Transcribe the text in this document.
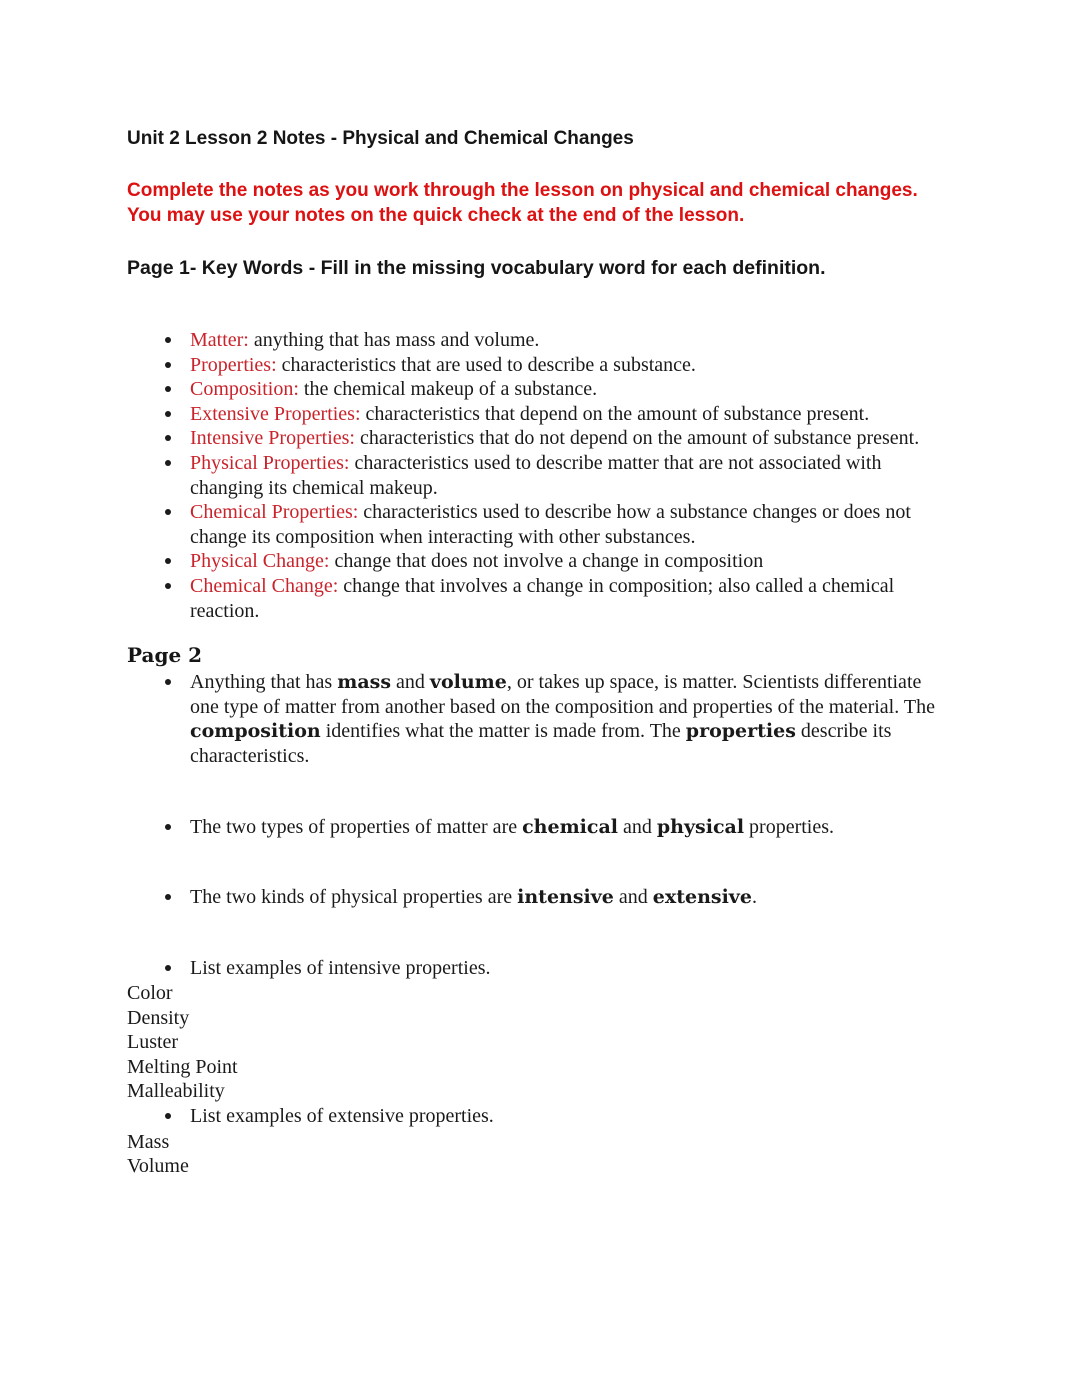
Unit 2 Lesson 2 Notes - Physical and Chemical Changes

Complete the notes as you work through the lesson on physical and chemical changes. You may use your notes on the quick check at the end of the lesson.

Page 1- Key Words - Fill in the missing vocabulary word for each definition.
Matter: anything that has mass and volume.
Properties: characteristics that are used to describe a substance.
Composition: the chemical makeup of a substance.
Extensive Properties: characteristics that depend on the amount of substance present.
Intensive Properties: characteristics that do not depend on the amount of substance present.
Physical Properties: characteristics used to describe matter that are not associated with changing its chemical makeup.
Chemical Properties: characteristics used to describe how a substance changes or does not change its composition when interacting with other substances.
Physical Change: change that does not involve a change in composition
Chemical Change: change that involves a change in composition; also called a chemical reaction.
Page 2
Anything that has mass and volume, or takes up space, is matter. Scientists differentiate one type of matter from another based on the composition and properties of the material. The composition identifies what the matter is made from. The properties describe its characteristics.
The two types of properties of matter are chemical and physical properties.
The two kinds of physical properties are intensive and extensive.
List examples of intensive properties.
Color
Density
Luster
Melting Point
Malleability
List examples of extensive properties.
Mass
Volume
